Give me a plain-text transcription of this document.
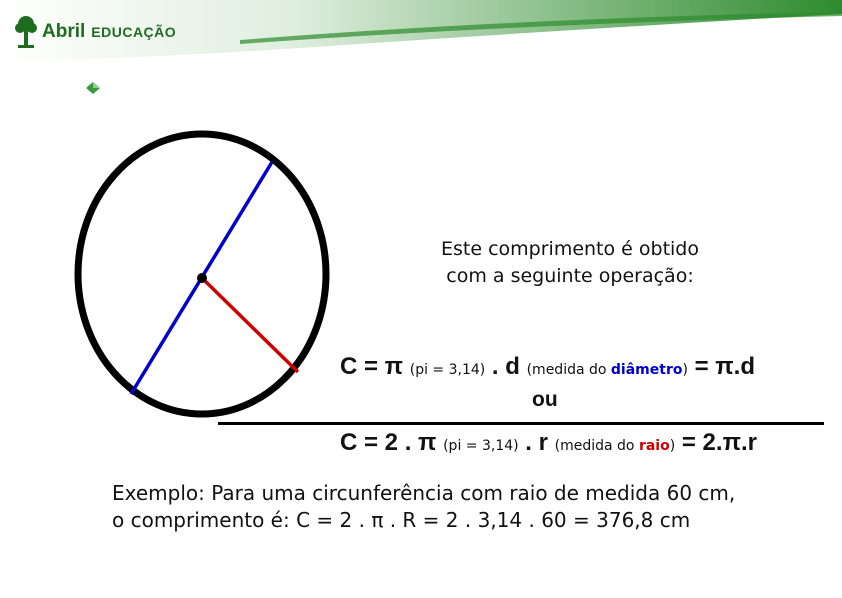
Abril EDUCAÇÃO
Este comprimento é obtido
com a seguinte operação:
C = π (pi = 3,14) . d (medida do diâmetro) = π.d
ou
C = 2 . π (pi = 3,14) . r (medida do raio) = 2.π.r
Exemplo: Para uma circunferência com raio de medida 60 cm,
o comprimento é: C = 2 . π . R = 2 . 3,14 . 60 = 376,8 cm
